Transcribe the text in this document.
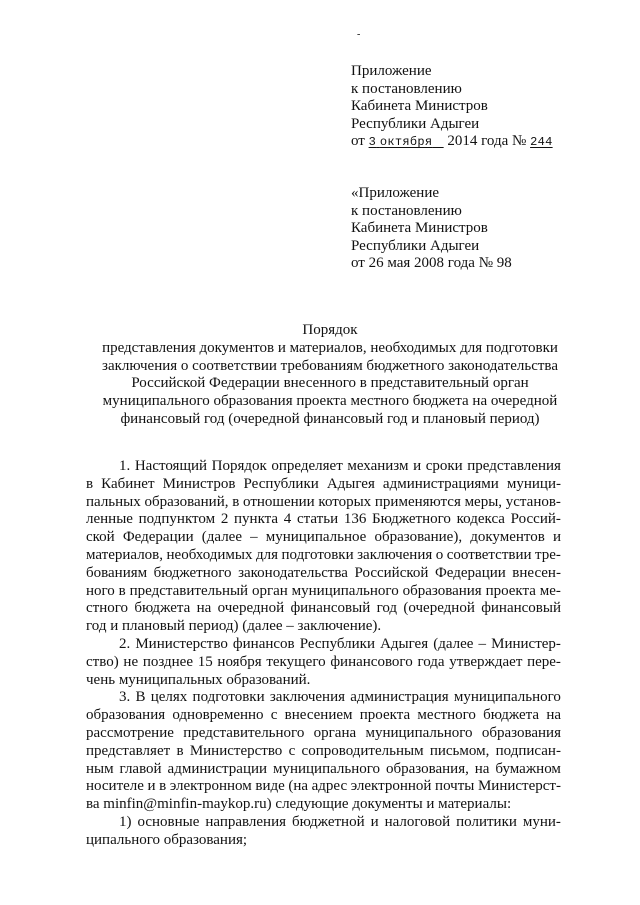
-
Приложение
к постановлению
Кабинета Министров
Республики Адыгеи
от 3 октября 2014 года № 244
«Приложение
к постановлению
Кабинета Министров
Республики Адыгеи
от 26 мая 2008 года № 98
Порядок
представления документов и материалов, необходимых для подготовки
заключения о соответствии требованиям бюджетного законодательства
Российской Федерации внесенного в представительный орган
муниципального образования проекта местного бюджета на очередной
финансовый год (очередной финансовый год и плановый период)
1. Настоящий Порядок определяет механизм и сроки представления
в Кабинет Министров Республики Адыгея администрациями муници-
пальных образований, в отношении которых применяются меры, установ-
ленные подпунктом 2 пункта 4 статьи 136 Бюджетного кодекса Россий-
ской Федерации (далее – муниципальное образование), документов и
материалов, необходимых для подготовки заключения о соответствии тре-
бованиям бюджетного законодательства Российской Федерации внесен-
ного в представительный орган муниципального образования проекта ме-
стного бюджета на очередной финансовый год (очередной финансовый
год и плановый период) (далее – заключение).
2. Министерство финансов Республики Адыгея (далее – Министер-
ство) не позднее 15 ноября текущего финансового года утверждает пере-
чень муниципальных образований.
3. В целях подготовки заключения администрация муниципального
образования одновременно с внесением проекта местного бюджета на
рассмотрение представительного органа муниципального образования
представляет в Министерство с сопроводительным письмом, подписан-
ным главой администрации муниципального образования, на бумажном
носителе и в электронном виде (на адрес электронной почты Министерст-
ва minfin@minfin-maykop.ru) следующие документы и материалы:
1) основные направления бюджетной и налоговой политики муни-
ципального образования;
